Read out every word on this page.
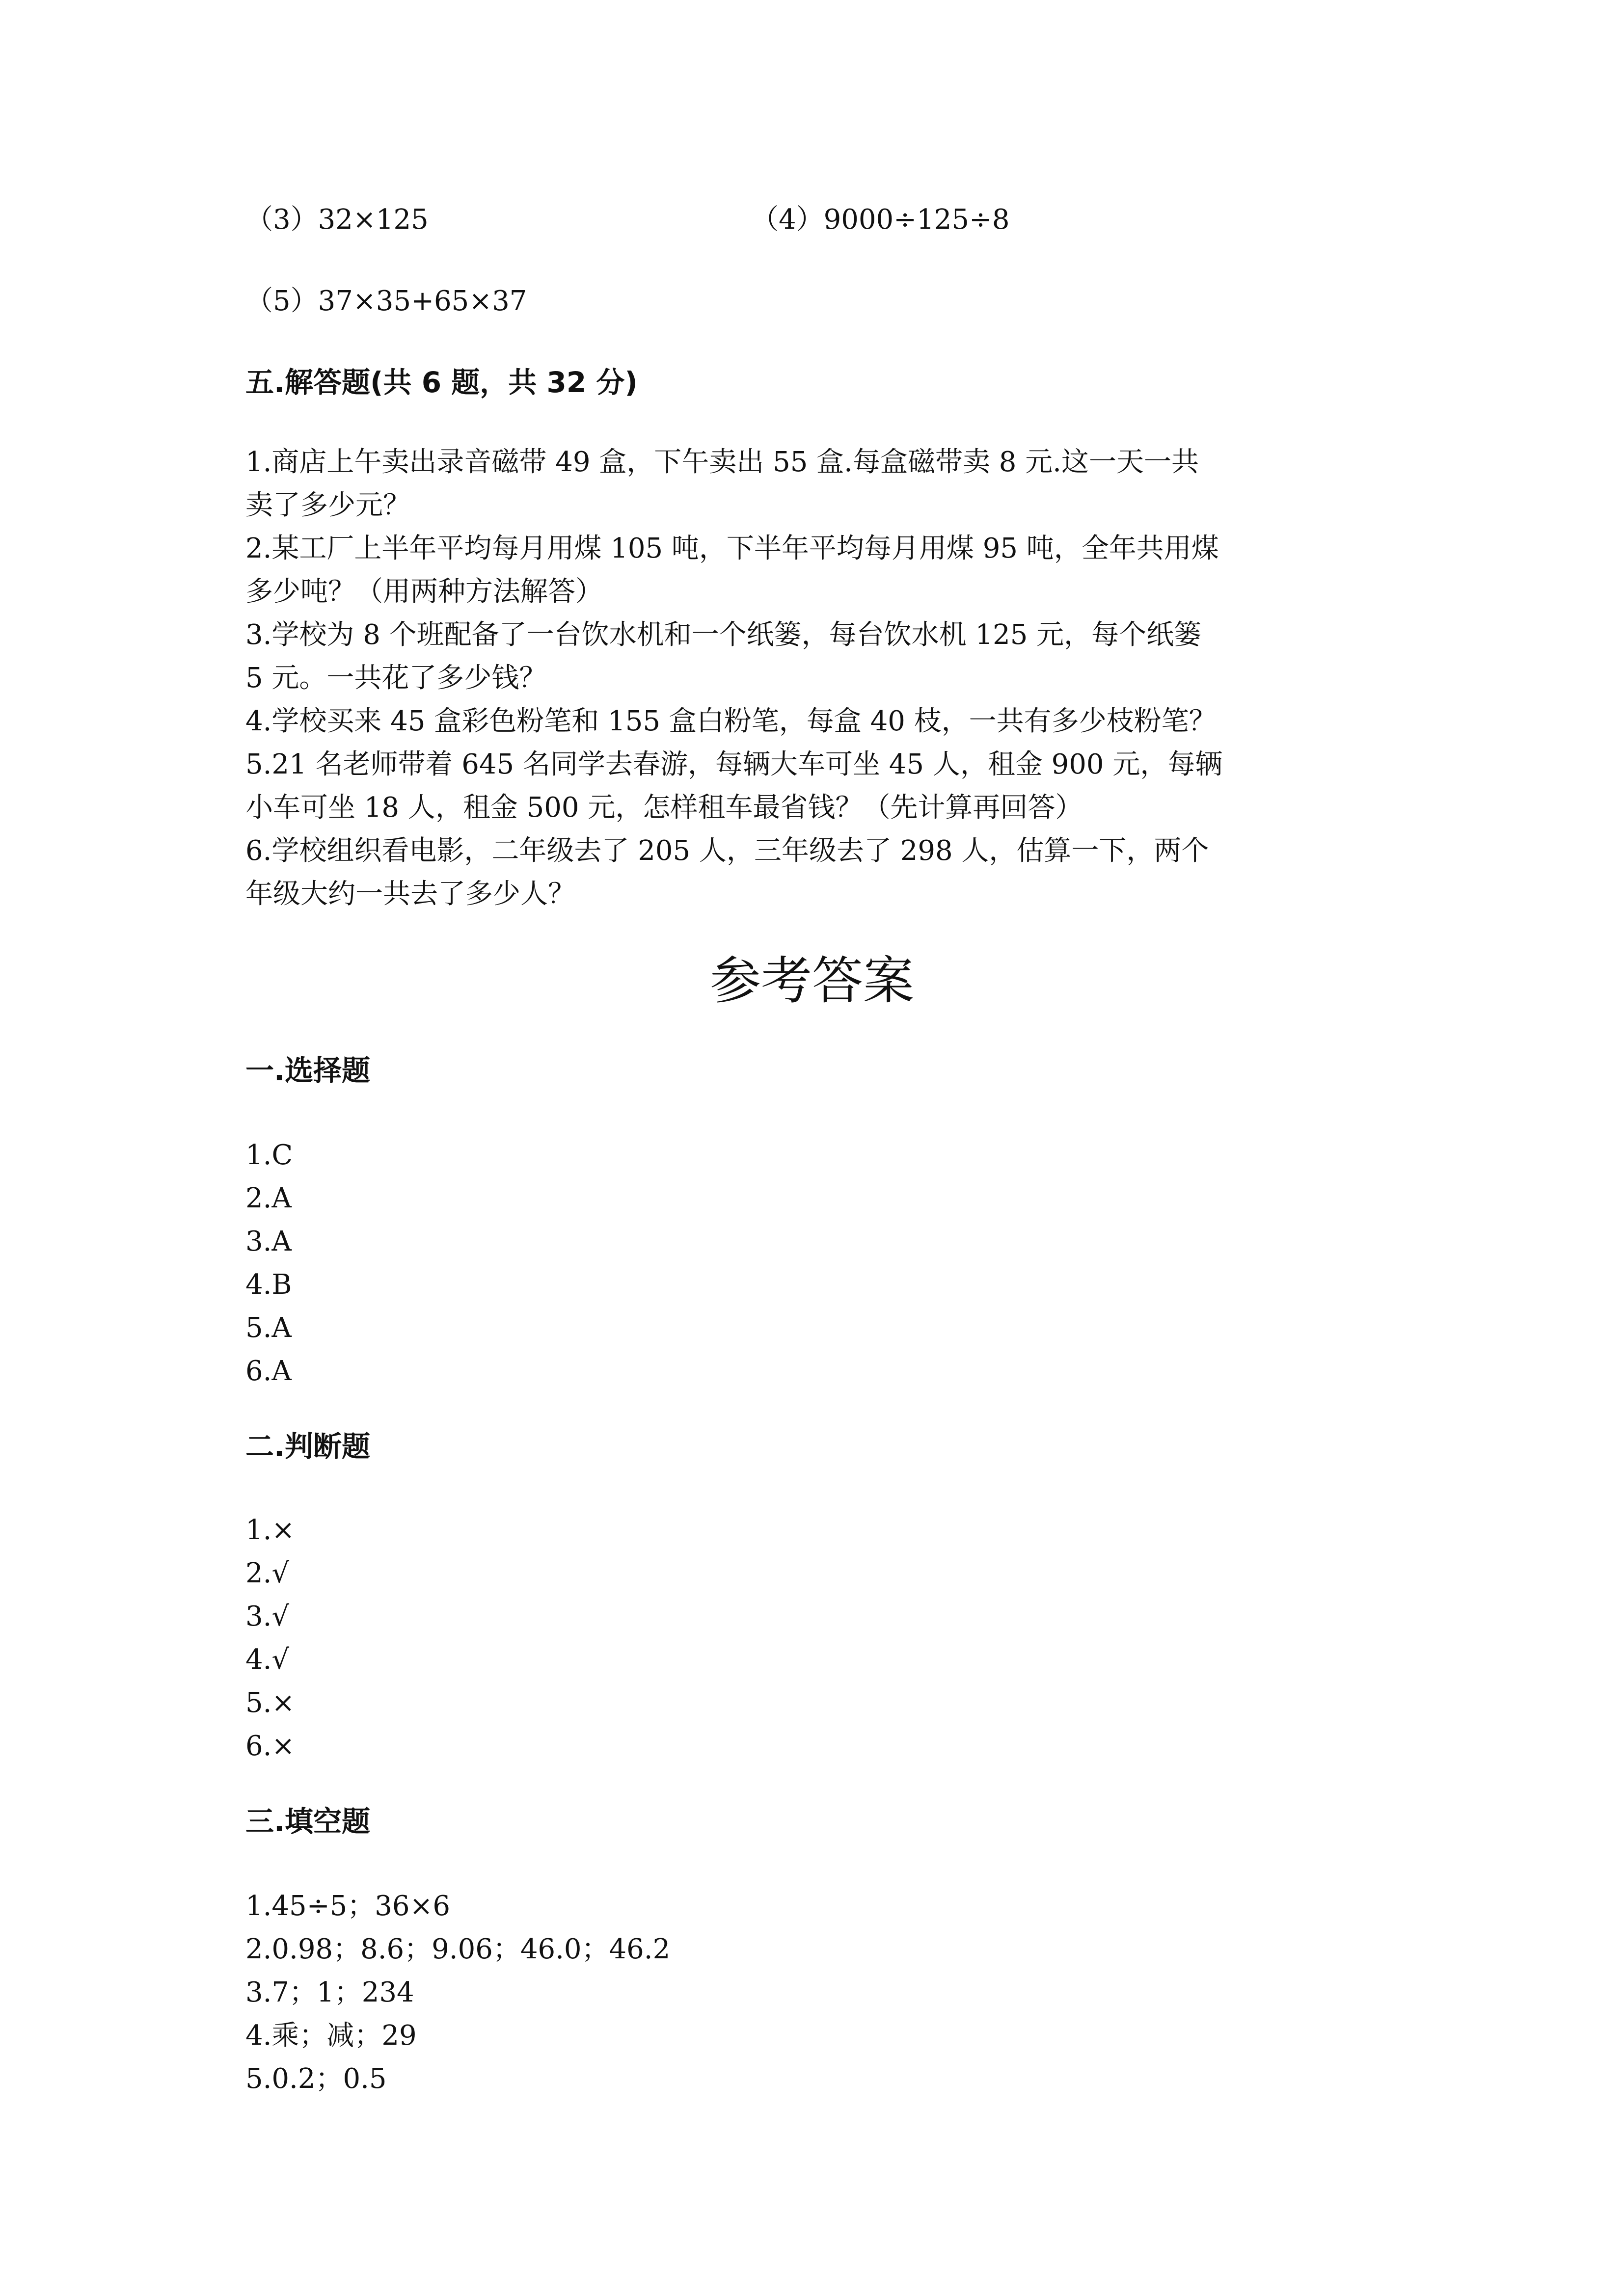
（3）32×125	（4）9000÷125÷8
（5）37×35+65×37
五.解答题(共 6 题，共 32 分)
1.商店上午卖出录音磁带 49 盒，下午卖出 55 盒.每盒磁带卖 8 元.这一天一共
卖了多少元？
2.某工厂上半年平均每月用煤 105 吨，下半年平均每月用煤 95 吨，全年共用煤
多少吨？（用两种方法解答）
3.学校为 8 个班配备了一台饮水机和一个纸篓，每台饮水机 125 元，每个纸篓
5 元。一共花了多少钱？
4.学校买来 45 盒彩色粉笔和 155 盒白粉笔，每盒 40 枝，一共有多少枝粉笔？
5.21 名老师带着 645 名同学去春游，每辆大车可坐 45 人，租金 900 元，每辆
小车可坐 18 人，租金 500 元，怎样租车最省钱？（先计算再回答）
6.学校组织看电影，二年级去了 205 人，三年级去了 298 人，估算一下，两个
年级大约一共去了多少人？
参考答案
一.选择题
1.C
2.A
3.A
4.B
5.A
6.A
二.判断题
1.×
2.√
3.√
4.√
5.×
6.×
三.填空题
1.45÷5；36×6
2.0.98；8.6；9.06；46.0；46.2
3.7；1；234
4.乘；减；29
5.0.2；0.5
